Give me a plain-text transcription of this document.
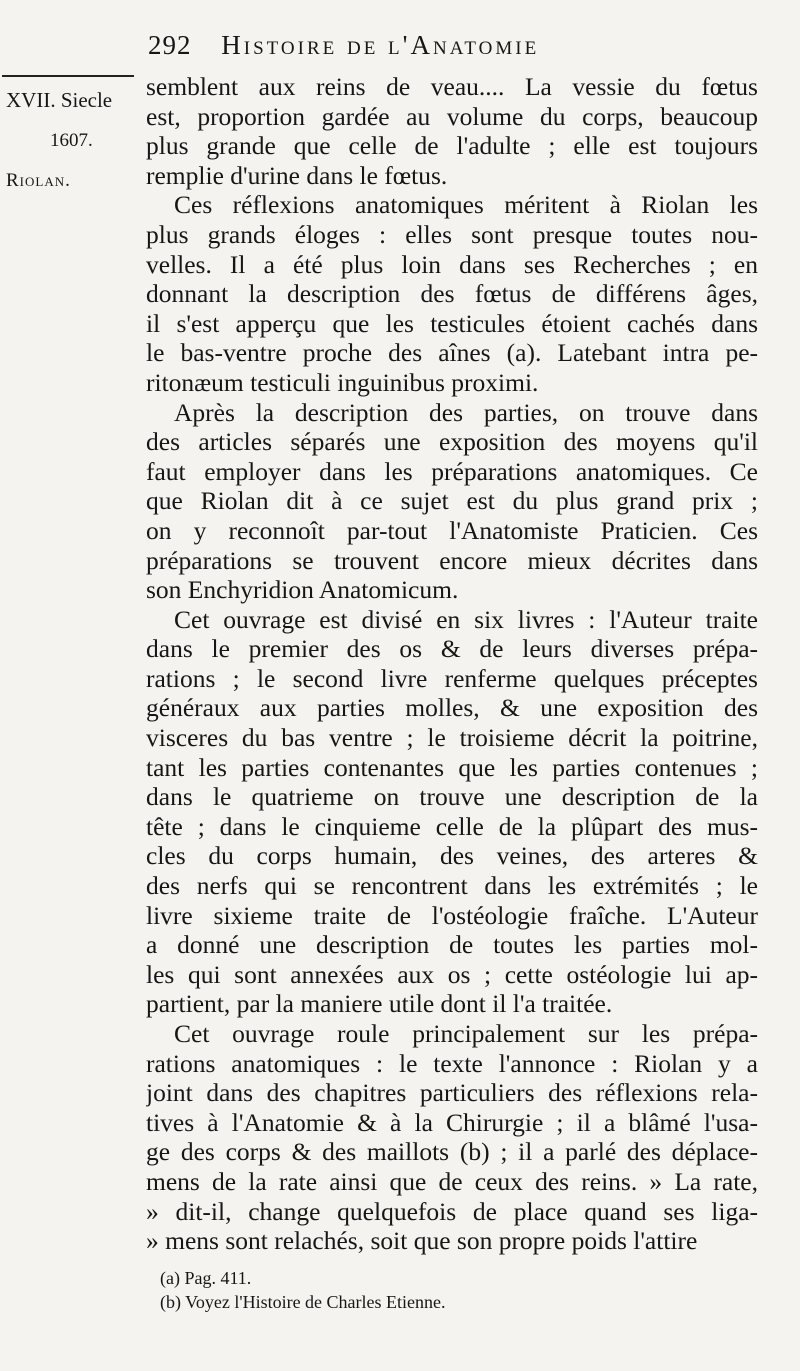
292 Histoire de l'Anatomie
XVII. Siecle
1607.
Riolan.
semblent aux reins de veau.... La vessie du fœtus
est, proportion gardée au volume du corps, beaucoup
plus grande que celle de l'adulte ; elle est toujours
remplie d'urine dans le fœtus.
Ces réflexions anatomiques méritent à Riolan les
plus grands éloges : elles sont presque toutes nou-
velles. Il a été plus loin dans ses Recherches ; en
donnant la description des fœtus de différens âges,
il s'est apperçu que les testicules étoient cachés dans
le bas-ventre proche des aînes (a). Latebant intra pe-
ritonæum testiculi inguinibus proximi.
Après la description des parties, on trouve dans
des articles séparés une exposition des moyens qu'il
faut employer dans les préparations anatomiques. Ce
que Riolan dit à ce sujet est du plus grand prix ;
on y reconnoît par-tout l'Anatomiste Praticien. Ces
préparations se trouvent encore mieux décrites dans
son Enchyridion Anatomicum.
Cet ouvrage est divisé en six livres : l'Auteur traite
dans le premier des os & de leurs diverses prépa-
rations ; le second livre renferme quelques préceptes
généraux aux parties molles, & une exposition des
visceres du bas ventre ; le troisieme décrit la poitrine,
tant les parties contenantes que les parties contenues ;
dans le quatrieme on trouve une description de la
tête ; dans le cinquieme celle de la plûpart des mus-
cles du corps humain, des veines, des arteres &
des nerfs qui se rencontrent dans les extrémités ; le
livre sixieme traite de l'ostéologie fraîche. L'Auteur
a donné une description de toutes les parties mol-
les qui sont annexées aux os ; cette ostéologie lui ap-
partient, par la maniere utile dont il l'a traitée.
Cet ouvrage roule principalement sur les prépa-
rations anatomiques : le texte l'annonce : Riolan y a
joint dans des chapitres particuliers des réflexions rela-
tives à l'Anatomie & à la Chirurgie ; il a blâmé l'usa-
ge des corps & des maillots (b) ; il a parlé des déplace-
mens de la rate ainsi que de ceux des reins. » La rate,
» dit-il, change quelquefois de place quand ses liga-
» mens sont relachés, soit que son propre poids l'attire
(a) Pag. 411.
(b) Voyez l'Histoire de Charles Etienne.
